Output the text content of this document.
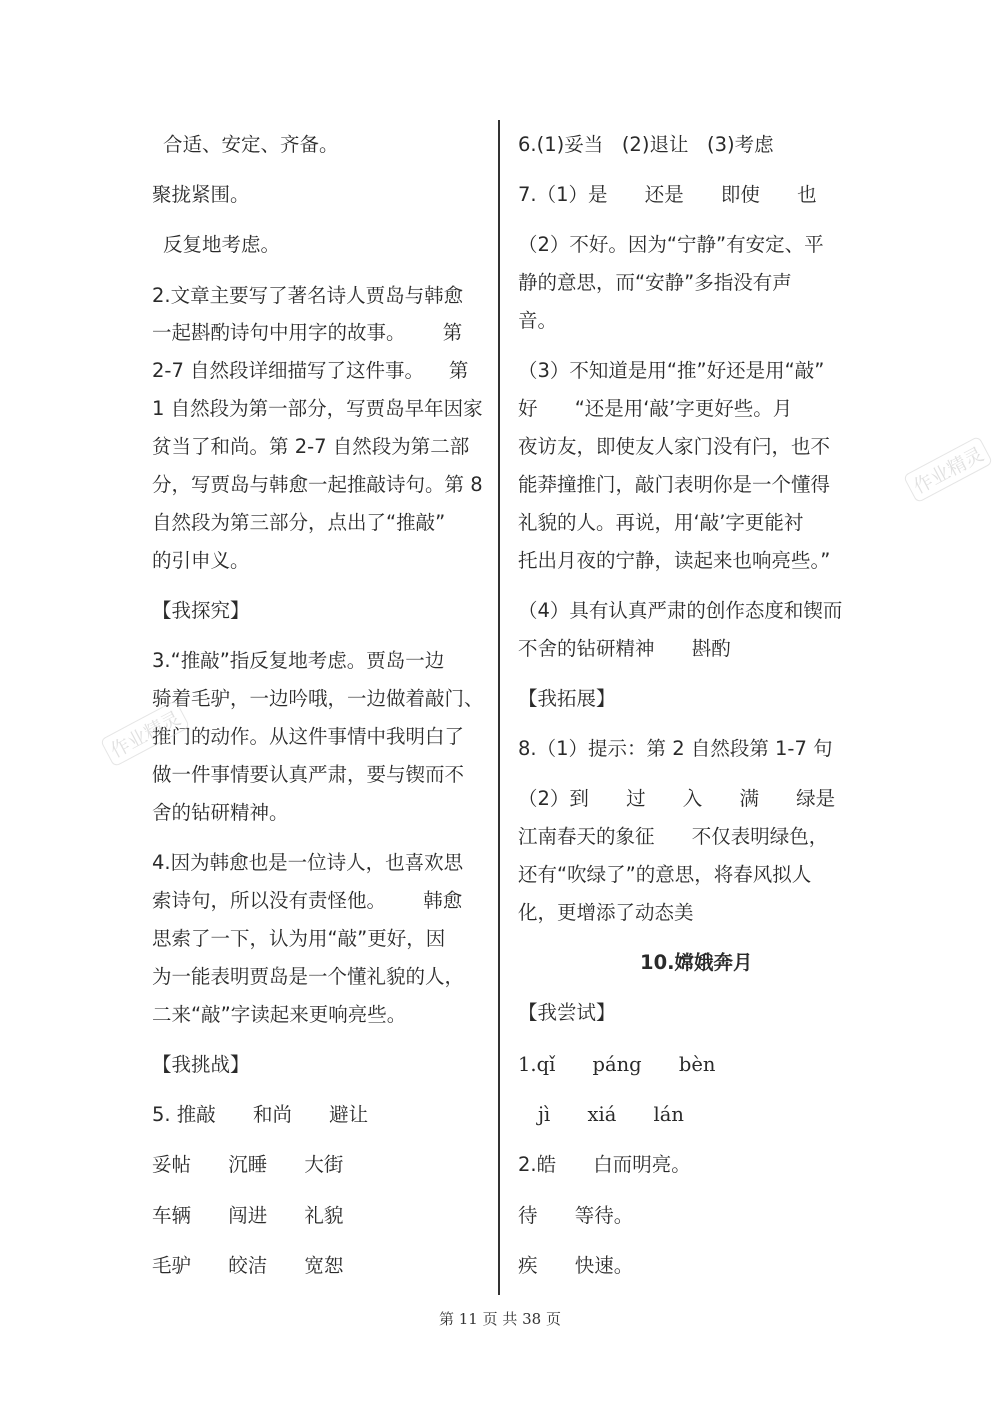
合适、安定、齐备。
聚拢紧围。
反复地考虑。
2.文章主要写了著名诗人贾岛与韩愈
一起斟酌诗句中用字的故事。      第
2-7 自然段详细描写了这件事。    第
1 自然段为第一部分，写贾岛早年因家
贫当了和尚。第 2-7 自然段为第二部
分，写贾岛与韩愈一起推敲诗句。第 8
自然段为第三部分，点出了“推敲”
的引申义。
【我探究】
3.“推敲”指反复地考虑。贾岛一边
骑着毛驴，一边吟哦，一边做着敲门、
推门的动作。从这件事情中我明白了
做一件事情要认真严肃，要与锲而不
舍的钻研精神。
4.因为韩愈也是一位诗人，也喜欢思
索诗句，所以没有责怪他。      韩愈
思索了一下，认为用“敲”更好，因
为一能表明贾岛是一个懂礼貌的人，
二来“敲”字读起来更响亮些。
【我挑战】
5. 推敲      和尚      避让
妥帖      沉睡      大街
车辆      闯进      礼貌
毛驴      皎洁      宽恕
6.(1)妥当   (2)退让   (3)考虑
7.（1）是      还是      即使      也
（2）不好。因为“宁静”有安定、平
静的意思，而“安静”多指没有声
音。
（3）不知道是用“推”好还是用“敲”
好      “还是用‘敲’字更好些。月
夜访友，即使友人家门没有闩，也不
能莽撞推门，敲门表明你是一个懂得
礼貌的人。再说，用‘敲’字更能衬
托出月夜的宁静，读起来也响亮些。”
（4）具有认真严肃的创作态度和锲而
不舍的钻研精神      斟酌
【我拓展】
8.（1）提示：第 2 自然段第 1-7 句
（2）到      过      入      满      绿是
江南春天的象征      不仅表明绿色，
还有“吹绿了”的意思，将春风拟人
化，更增添了动态美
10.嫦娥奔月
【我尝试】
1.qǐ      páng      bèn
jì      xiá      lán
2.皓      白而明亮。
待      等待。
疾      快速。
作业精灵
作业精灵
第 11 页 共 38 页
